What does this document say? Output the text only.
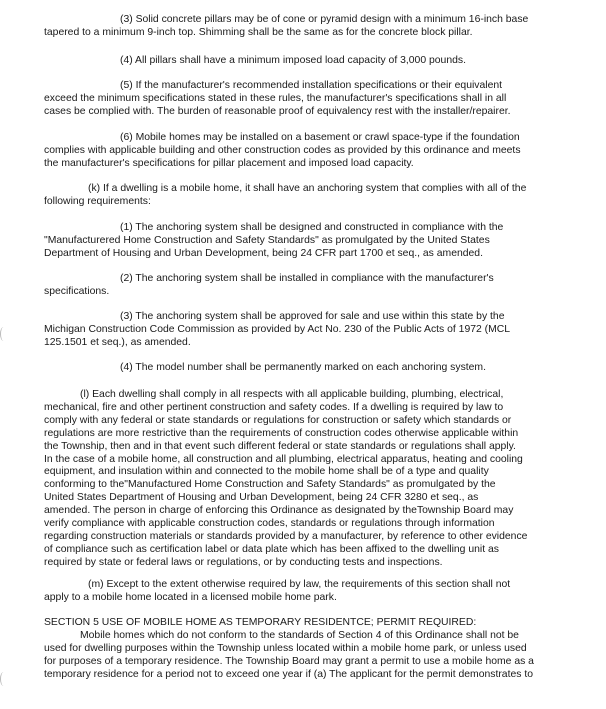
(3) Solid concrete pillars may be of cone or pyramid design with a minimum 16-inch base
tapered to a minimum 9-inch top. Shimming shall be the same as for the concrete block pillar.
(4) All pillars shall have a minimum imposed load capacity of 3,000 pounds.
(5) If the manufacturer's recommended installation specifications or their equivalent
exceed the minimum specifications stated in these rules, the manufacturer's specifications shall in all
cases be complied with. The burden of reasonable proof of equivalency rest with the installer/repairer.
(6) Mobile homes may be installed on a basement or crawl space-type if the foundation
complies with applicable building and other construction codes as provided by this ordinance and meets
the manufacturer's specifications for pillar placement and imposed load capacity.
(k) If a dwelling is a mobile home, it shall have an anchoring system that complies with all of the
following requirements:
(1) The anchoring system shall be designed and constructed in compliance with the
"Manufacturered Home Construction and Safety Standards" as promulgated by the United States
Department of Housing and Urban Development, being 24 CFR part 1700 et seq., as amended.
(2) The anchoring system shall be installed in compliance with the manufacturer's
specifications.
(3) The anchoring system shall be approved for sale and use within this state by the
Michigan Construction Code Commission as provided by Act No. 230 of the Public Acts of 1972 (MCL
125.1501 et seq.), as amended.
(4) The model number shall be permanently marked on each anchoring system.
(l) Each dwelling shall comply in all respects with all applicable building, plumbing, electrical,
mechanical, fire and other pertinent construction and safety codes. If a dwelling is required by law to
comply with any federal or state standards or regulations for construction or safety which standards or
regulations are more restrictive than the requirements of construction codes otherwise applicable within
the Township, then and in that event such different federal or state standards or regulations shall apply.
In the case of a mobile home, all construction and all plumbing, electrical apparatus, heating and cooling
equipment, and insulation within and connected to the mobile home shall be of a type and quality
conforming to the"Manufactured Home Construction and Safety Standards" as promulgated by the
United States Department of Housing and Urban Development, being 24 CFR 3280 et seq., as
amended. The person in charge of enforcing this Ordinance as designated by theTownship Board may
verify compliance with applicable construction codes, standards or regulations through information
regarding construction materials or standards provided by a manufacturer, by reference to other evidence
of compliance such as certification label or data plate which has been affixed to the dwelling unit as
required by state or federal laws or regulations, or by conducting tests and inspections.
(m) Except to the extent otherwise required by law, the requirements of this section shall not
apply to a mobile home located in a licensed mobile home park.
SECTION 5 USE OF MOBILE HOME AS TEMPORARY RESIDENTCE; PERMIT REQUIRED:
Mobile homes which do not conform to the standards of Section 4 of this Ordinance shall not be
used for dwelling purposes within the Township unless located within a mobile home park, or unless used
for purposes of a temporary residence. The Township Board may grant a permit to use a mobile home as a
temporary residence for a period not to exceed one year if (a) The applicant for the permit demonstrates to
